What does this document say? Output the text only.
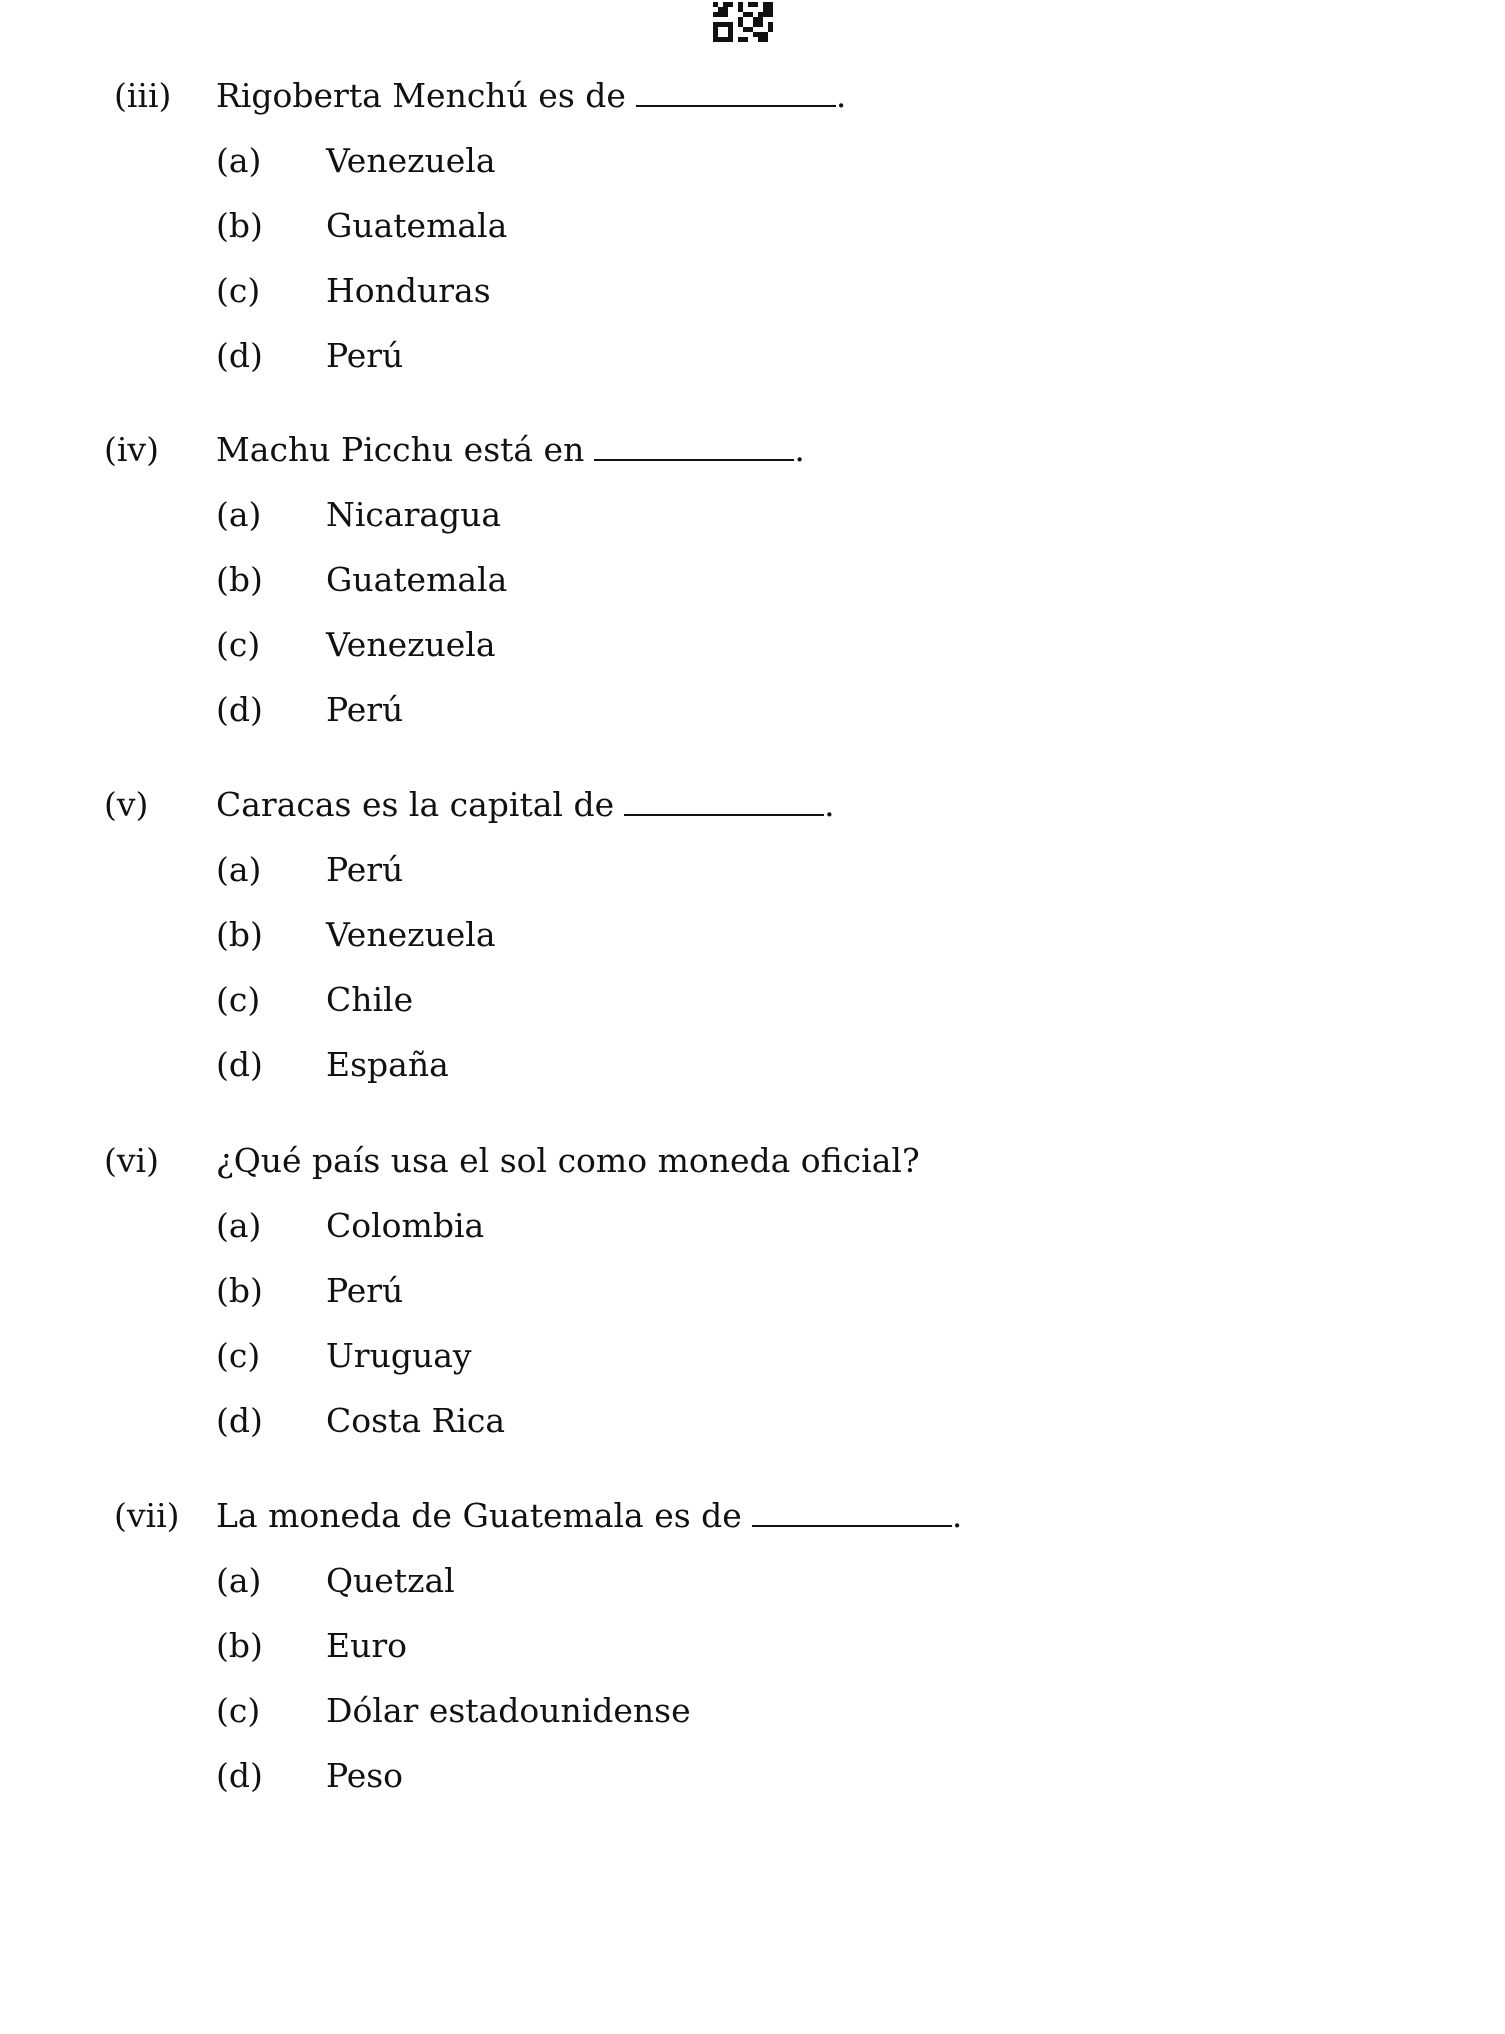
(iii) Rigoberta Menchú es de	.
(a) Venezuela
(b) Guatemala
(c) Honduras
(d) Perú
(iv) Machu Picchu está en	.
(a) Nicaragua
(b) Guatemala
(c) Venezuela
(d) Perú
(v) Caracas es la capital de	.
(a) Perú
(b) Venezuela
(c) Chile
(d) España
(vi) ¿Qué país usa el sol como moneda oficial?
(a) Colombia
(b) Perú
(c) Uruguay
(d) Costa Rica
(vii) La moneda de Guatemala es de	.
(a) Quetzal
(b) Euro
(c) Dólar estadounidense
(d) Peso
